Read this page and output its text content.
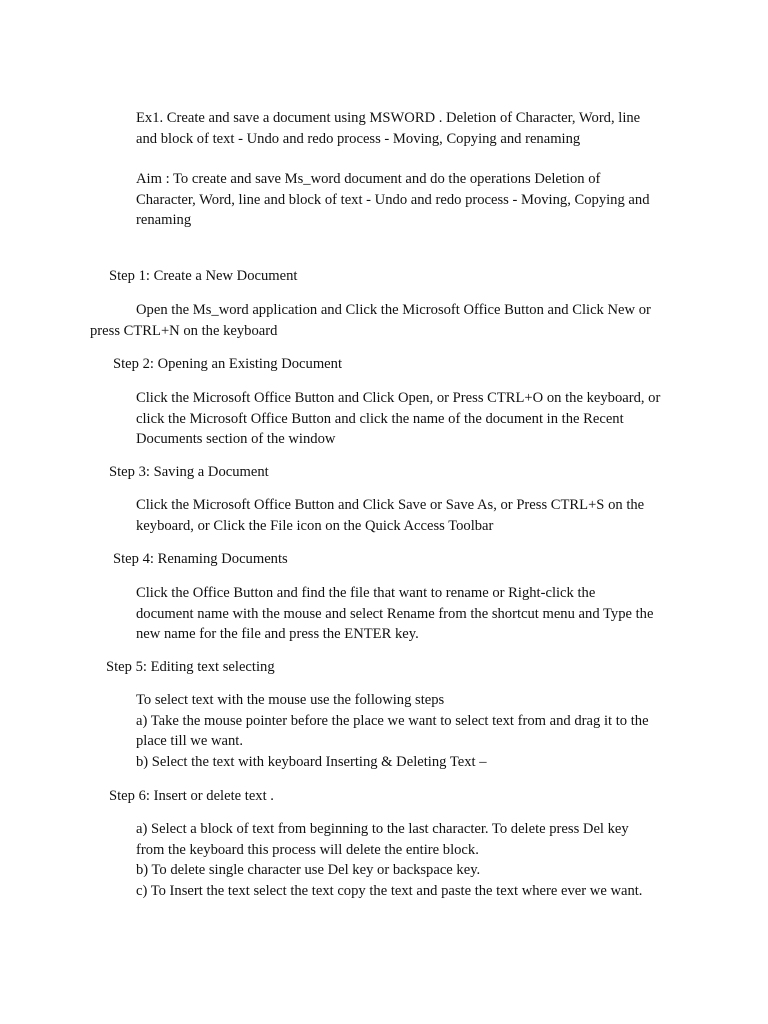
Ex1. Create and save a document using MSWORD . Deletion of Character, Word, line

and block of text - Undo and redo process - Moving, Copying and renaming

Aim : To create and save Ms_word document and do the operations Deletion of
Character, Word, line and block of text - Undo and redo process - Moving, Copying and
renaming

Step 1: Create a New Document

Open the Ms_word application and Click the Microsoft Office Button and Click New or

press CTRL+N on the keyboard

Step 2: Opening an Existing Document

Click the Microsoft Office Button and Click Open, or Press CTRL+O on the keyboard, or
click the Microsoft Office Button and click the name of the document in the Recent
Documents section of the window

Step 3: Saving a Document

Click the Microsoft Office Button and Click Save or Save As, or Press CTRL+S on the
keyboard, or Click the File icon on the Quick Access Toolbar

Step 4: Renaming Documents

Click the Office Button and find the file that want to rename or Right-click the
document name with the mouse and select Rename from the shortcut menu and Type the
new name for the file and press the ENTER key.

Step 5: Editing text selecting

To select text with the mouse use the following steps
a) Take the mouse pointer before the place we want to select text from and drag it to the
place till we want.
b) Select the text with keyboard Inserting & Deleting Text –

Step 6: Insert or delete text .

a) Select a block of text from beginning to the last character. To delete press Del key
from the keyboard this process will delete the entire block.
b) To delete single character use Del key or backspace key.
c) To Insert the text select the text copy the text and paste the text where ever we want.
